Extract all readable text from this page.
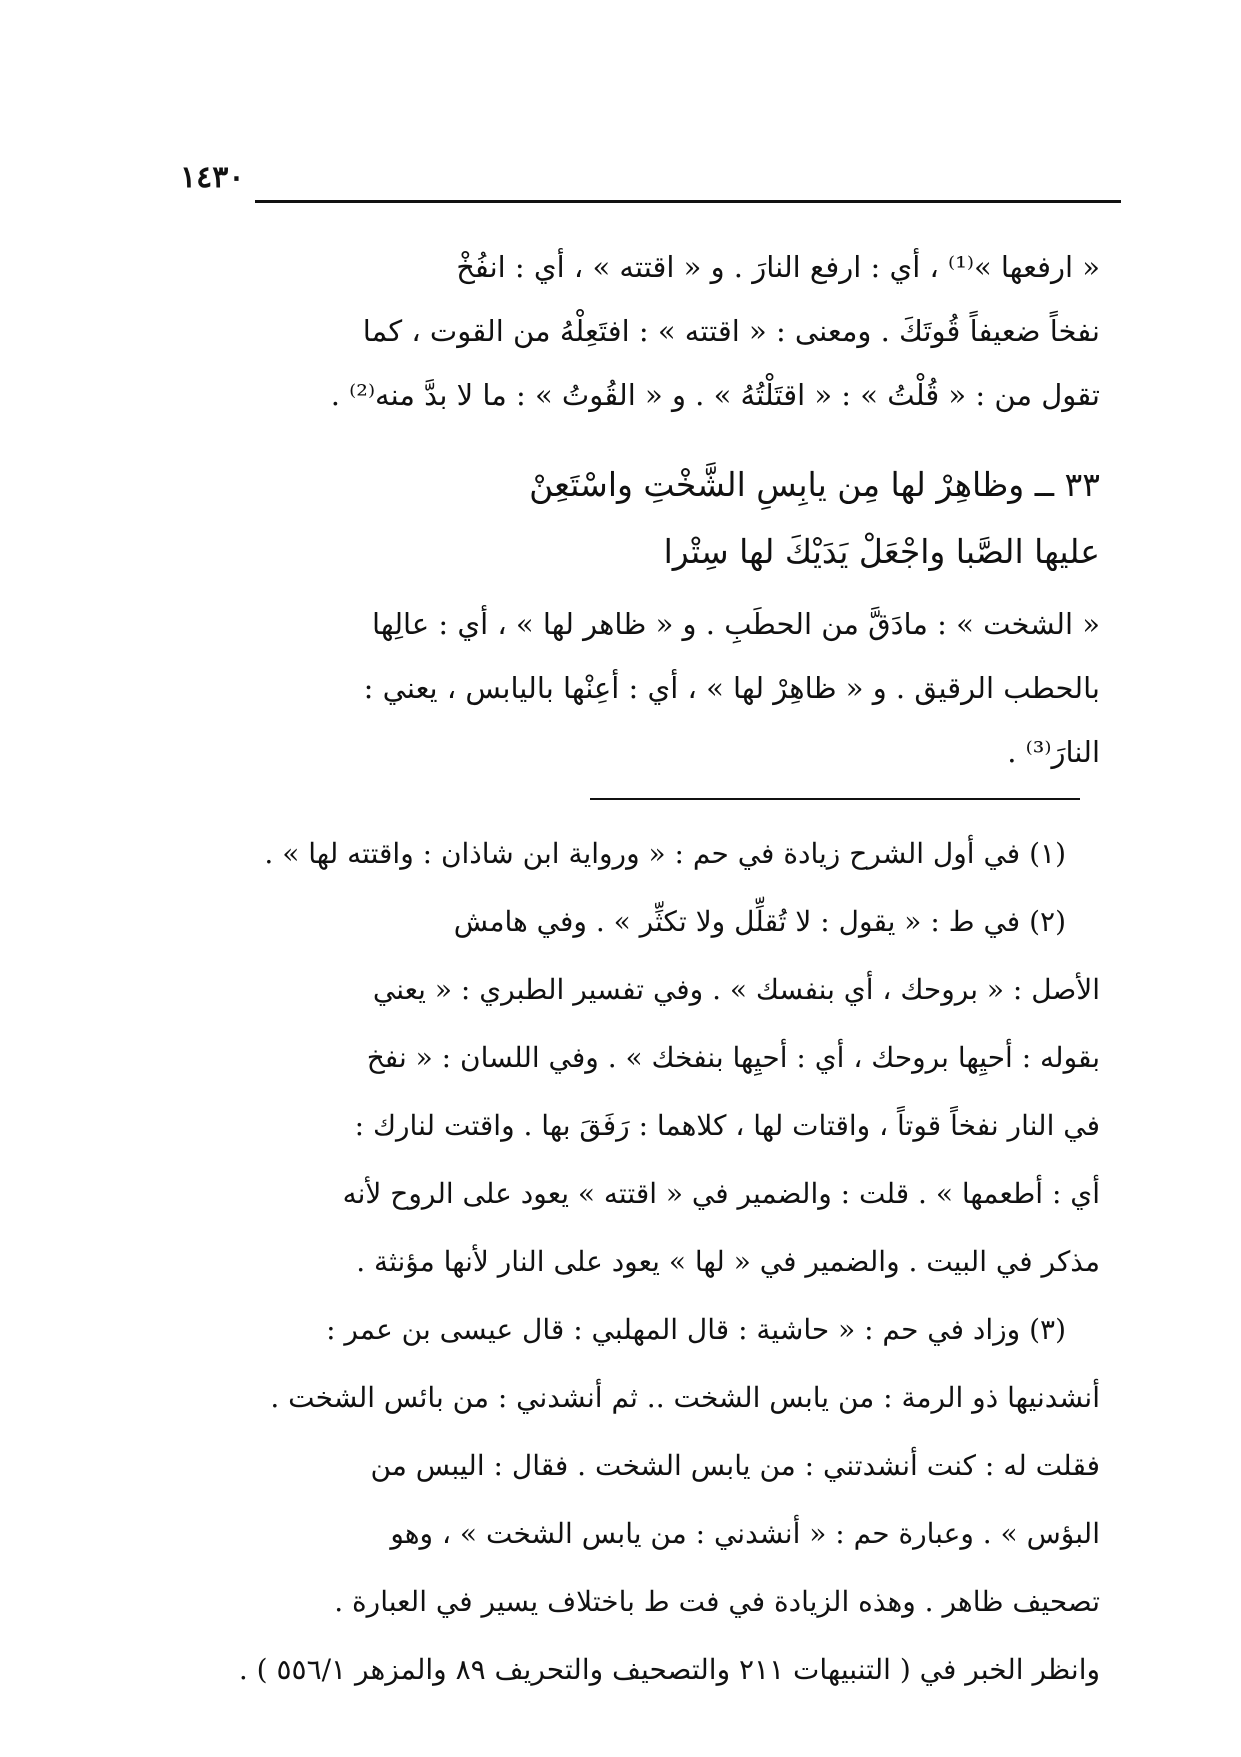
١٤٣٠
« ارفعها »⁽¹⁾ ، أي : ارفع النارَ . و « اقتته » ، أي : انفُخْ
نفخاً ضعيفاً قُوتَكَ . ومعنى : « اقتته » : افتَعِلْهُ من القوت ، كما
تقول من : « قُلْتُ » : « اقتَلْتُهُ » . و « القُوتُ » : ما لا بدَّ منه⁽²⁾ .
٣٣ ــ وظاهِرْ لها مِن يابِسِ الشَّخْتِ واسْتَعِنْ
عليها الصَّبا واجْعَلْ يَدَيْكَ لها سِتْرا
« الشخت » : مادَقَّ من الحطَبِ . و « ظاهر لها » ، أي : عالِها
بالحطب الرقيق . و « ظاهِرْ لها » ، أي : أعِنْها باليابس ، يعني :
النارَ⁽³⁾ .
(١) في أول الشرح زيادة في حم : « ورواية ابن شاذان : واقتته لها » .
(٢) في ط : « يقول : لا تُقلِّل ولا تكثِّر » . وفي هامش
الأصل : « بروحك ، أي بنفسك » . وفي تفسير الطبري : « يعني
بقوله : أحيِها بروحك ، أي : أحيِها بنفخك » . وفي اللسان : « نفخ
في النار نفخاً قوتاً ، واقتات لها ، كلاهما : رَفَقَ بها . واقتت لنارك :
أي : أطعمها » . قلت : والضمير في « اقتته » يعود على الروح لأنه
مذكر في البيت . والضمير في « لها » يعود على النار لأنها مؤنثة .
(٣) وزاد في حم : « حاشية : قال المهلبي : قال عيسى بن عمر :
أنشدنيها ذو الرمة : من يابس الشخت .. ثم أنشدني : من بائس الشخت .
فقلت له : كنت أنشدتني : من يابس الشخت . فقال : اليبس من
البؤس » . وعبارة حم : « أنشدني : من يابس الشخت » ، وهو
تصحيف ظاهر . وهذه الزيادة في فت ط باختلاف يسير في العبارة .
وانظر الخبر في ( التنبيهات ٢١١ والتصحيف والتحريف ٨٩ والمزهر ٥٥٦/١ ) .
